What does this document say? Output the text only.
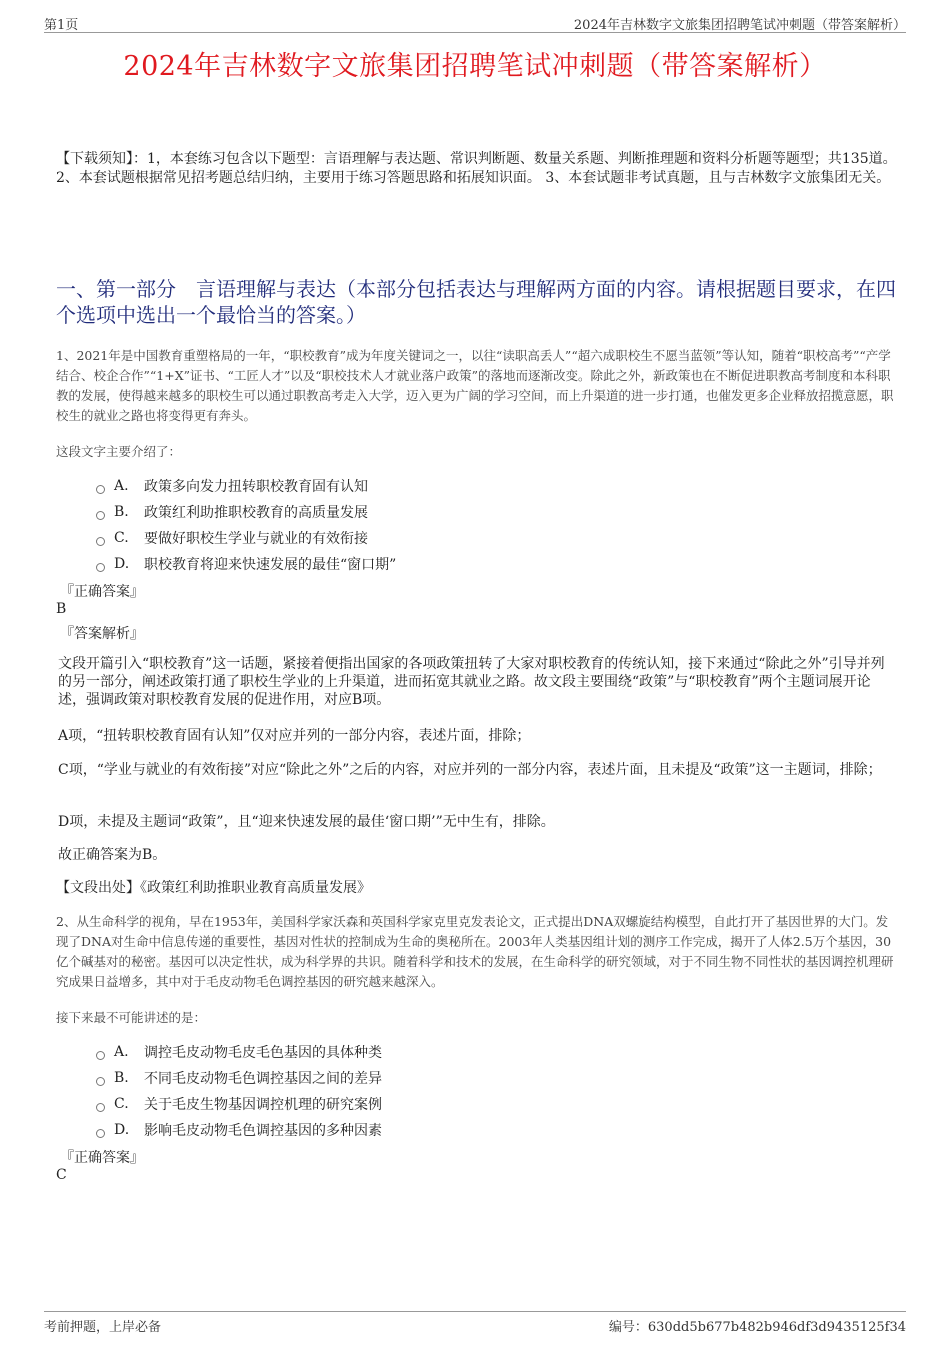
第1页	2024年吉林数字文旅集团招聘笔试冲刺题（带答案解析）
2024年吉林数字文旅集团招聘笔试冲刺题（带答案解析）
【下载须知】：1，本套练习包含以下题型：言语理解与表达题、常识判断题、数量关系题、判断推理题和资料分析题等题型；共135道。 2、本套试题根据常见招考题总结归纳，主要用于练习答题思路和拓展知识面。 3、本套试题非考试真题，且与吉林数字文旅集团无关。
一、第一部分　言语理解与表达（本部分包括表达与理解两方面的内容。请根据题目要求，在四个选项中选出一个最恰当的答案。）
1、2021年是中国教育重塑格局的一年，“职校教育”成为年度关键词之一，以往“读职高丢人”“超六成职校生不愿当蓝领”等认知，随着“职校高考”“产学结合、校企合作”“1+X”证书、“工匠人才”以及“职校技术人才就业落户政策”的落地而逐渐改变。除此之外，新政策也在不断促进职教高考制度和本科职教的发展，使得越来越多的职校生可以通过职教高考走入大学，迈入更为广阔的学习空间，而上升渠道的进一步打通，也催发更多企业释放招揽意愿，职校生的就业之路也将变得更有奔头。
这段文字主要介绍了：
A.	政策多向发力扭转职校教育固有认知
B.	政策红利助推职校教育的高质量发展
C.	要做好职校生学业与就业的有效衔接
D.	职校教育将迎来快速发展的最佳“窗口期”
『正确答案』
B
『答案解析』
文段开篇引入“职校教育”这一话题，紧接着便指出国家的各项政策扭转了大家对职校教育的传统认知，接下来通过“除此之外”引导并列的另一部分，阐述政策打通了职校生学业的上升渠道，进而拓宽其就业之路。故文段主要围绕“政策”与“职校教育”两个主题词展开论述，强调政策对职校教育发展的促进作用，对应B项。
A项，“扭转职校教育固有认知”仅对应并列的一部分内容，表述片面，排除；
C项，“学业与就业的有效衔接”对应“除此之外”之后的内容，对应并列的一部分内容，表述片面，且未提及“政策”这一主题词，排除；
D项，未提及主题词“政策”，且“迎来快速发展的最佳‘窗口期’”无中生有，排除。
故正确答案为B。
【文段出处】《政策红利助推职业教育高质量发展》
2、从生命科学的视角，早在1953年，美国科学家沃森和英国科学家克里克发表论文，正式提出DNA双螺旋结构模型，自此打开了基因世界的大门。发现了DNA对生命中信息传递的重要性，基因对性状的控制成为生命的奥秘所在。2003年人类基因组计划的测序工作完成，揭开了人体2.5万个基因，30亿个碱基对的秘密。基因可以决定性状，成为科学界的共识。随着科学和技术的发展，在生命科学的研究领域，对于不同生物不同性状的基因调控机理研究成果日益增多，其中对于毛皮动物毛色调控基因的研究越来越深入。
接下来最不可能讲述的是：
A.	调控毛皮动物毛皮毛色基因的具体种类
B.	不同毛皮动物毛色调控基因之间的差异
C.	关于毛皮生物基因调控机理的研究案例
D.	影响毛皮动物毛色调控基因的多种因素
『正确答案』
C
考前押题，上岸必备	编号：630dd5b677b482b946df3d9435125f34
